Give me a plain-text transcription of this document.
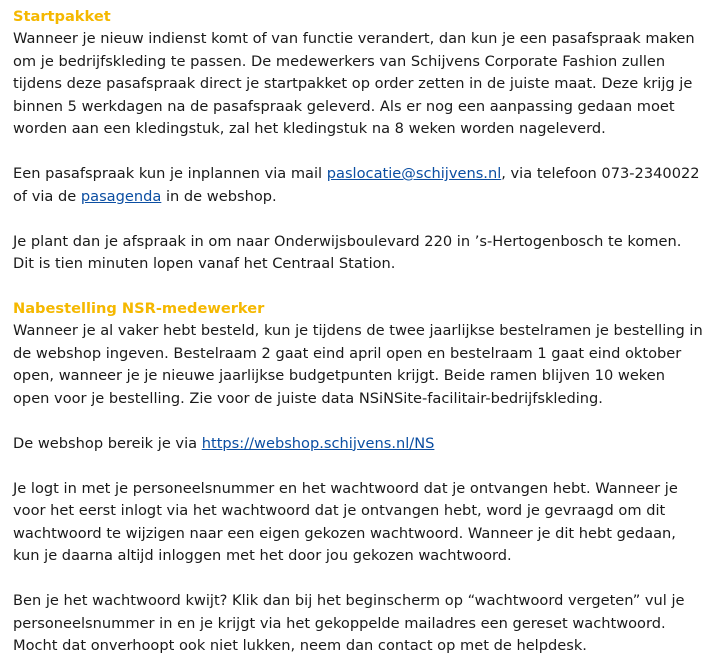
Startpakket

Wanneer je nieuw indienst komt of van functie verandert, dan kun je een pasafspraak maken om je bedrijfskleding te passen. De medewerkers van Schijvens Corporate Fashion zullen tijdens deze pasafspraak direct je startpakket op order zetten in de juiste maat. Deze krijg je binnen 5 werkdagen na de pasafspraak geleverd. Als er nog een aanpassing gedaan moet worden aan een kledingstuk, zal het kledingstuk na 8 weken worden nageleverd.

Een pasafspraak kun je inplannen via mail paslocatie@schijvens.nl, via telefoon 073-2340022 of via de pasagenda in de webshop.

Je plant dan je afspraak in om naar Onderwijsboulevard 220 in ’s-Hertogenbosch te komen. Dit is tien minuten lopen vanaf het Centraal Station.

Nabestelling NSR-medewerker

Wanneer je al vaker hebt besteld, kun je tijdens de twee jaarlijkse bestelramen je bestelling in de webshop ingeven. Bestelraam 2 gaat eind april open en bestelraam 1 gaat eind oktober open, wanneer je je nieuwe jaarlijkse budgetpunten krijgt. Beide ramen blijven 10 weken open voor je bestelling. Zie voor de juiste data NSiNSite-facilitair-bedrijfskleding.

De webshop bereik je via https://webshop.schijvens.nl/NS

Je logt in met je personeelsnummer en het wachtwoord dat je ontvangen hebt. Wanneer je voor het eerst inlogt via het wachtwoord dat je ontvangen hebt, word je gevraagd om dit wachtwoord te wijzigen naar een eigen gekozen wachtwoord. Wanneer je dit hebt gedaan, kun je daarna altijd inloggen met het door jou gekozen wachtwoord.

Ben je het wachtwoord kwijt? Klik dan bij het beginscherm op “wachtwoord vergeten” vul je personeelsnummer in en je krijgt via het gekoppelde mailadres een gereset wachtwoord. Mocht dat onverhoopt ook niet lukken, neem dan contact op met de helpdesk.
